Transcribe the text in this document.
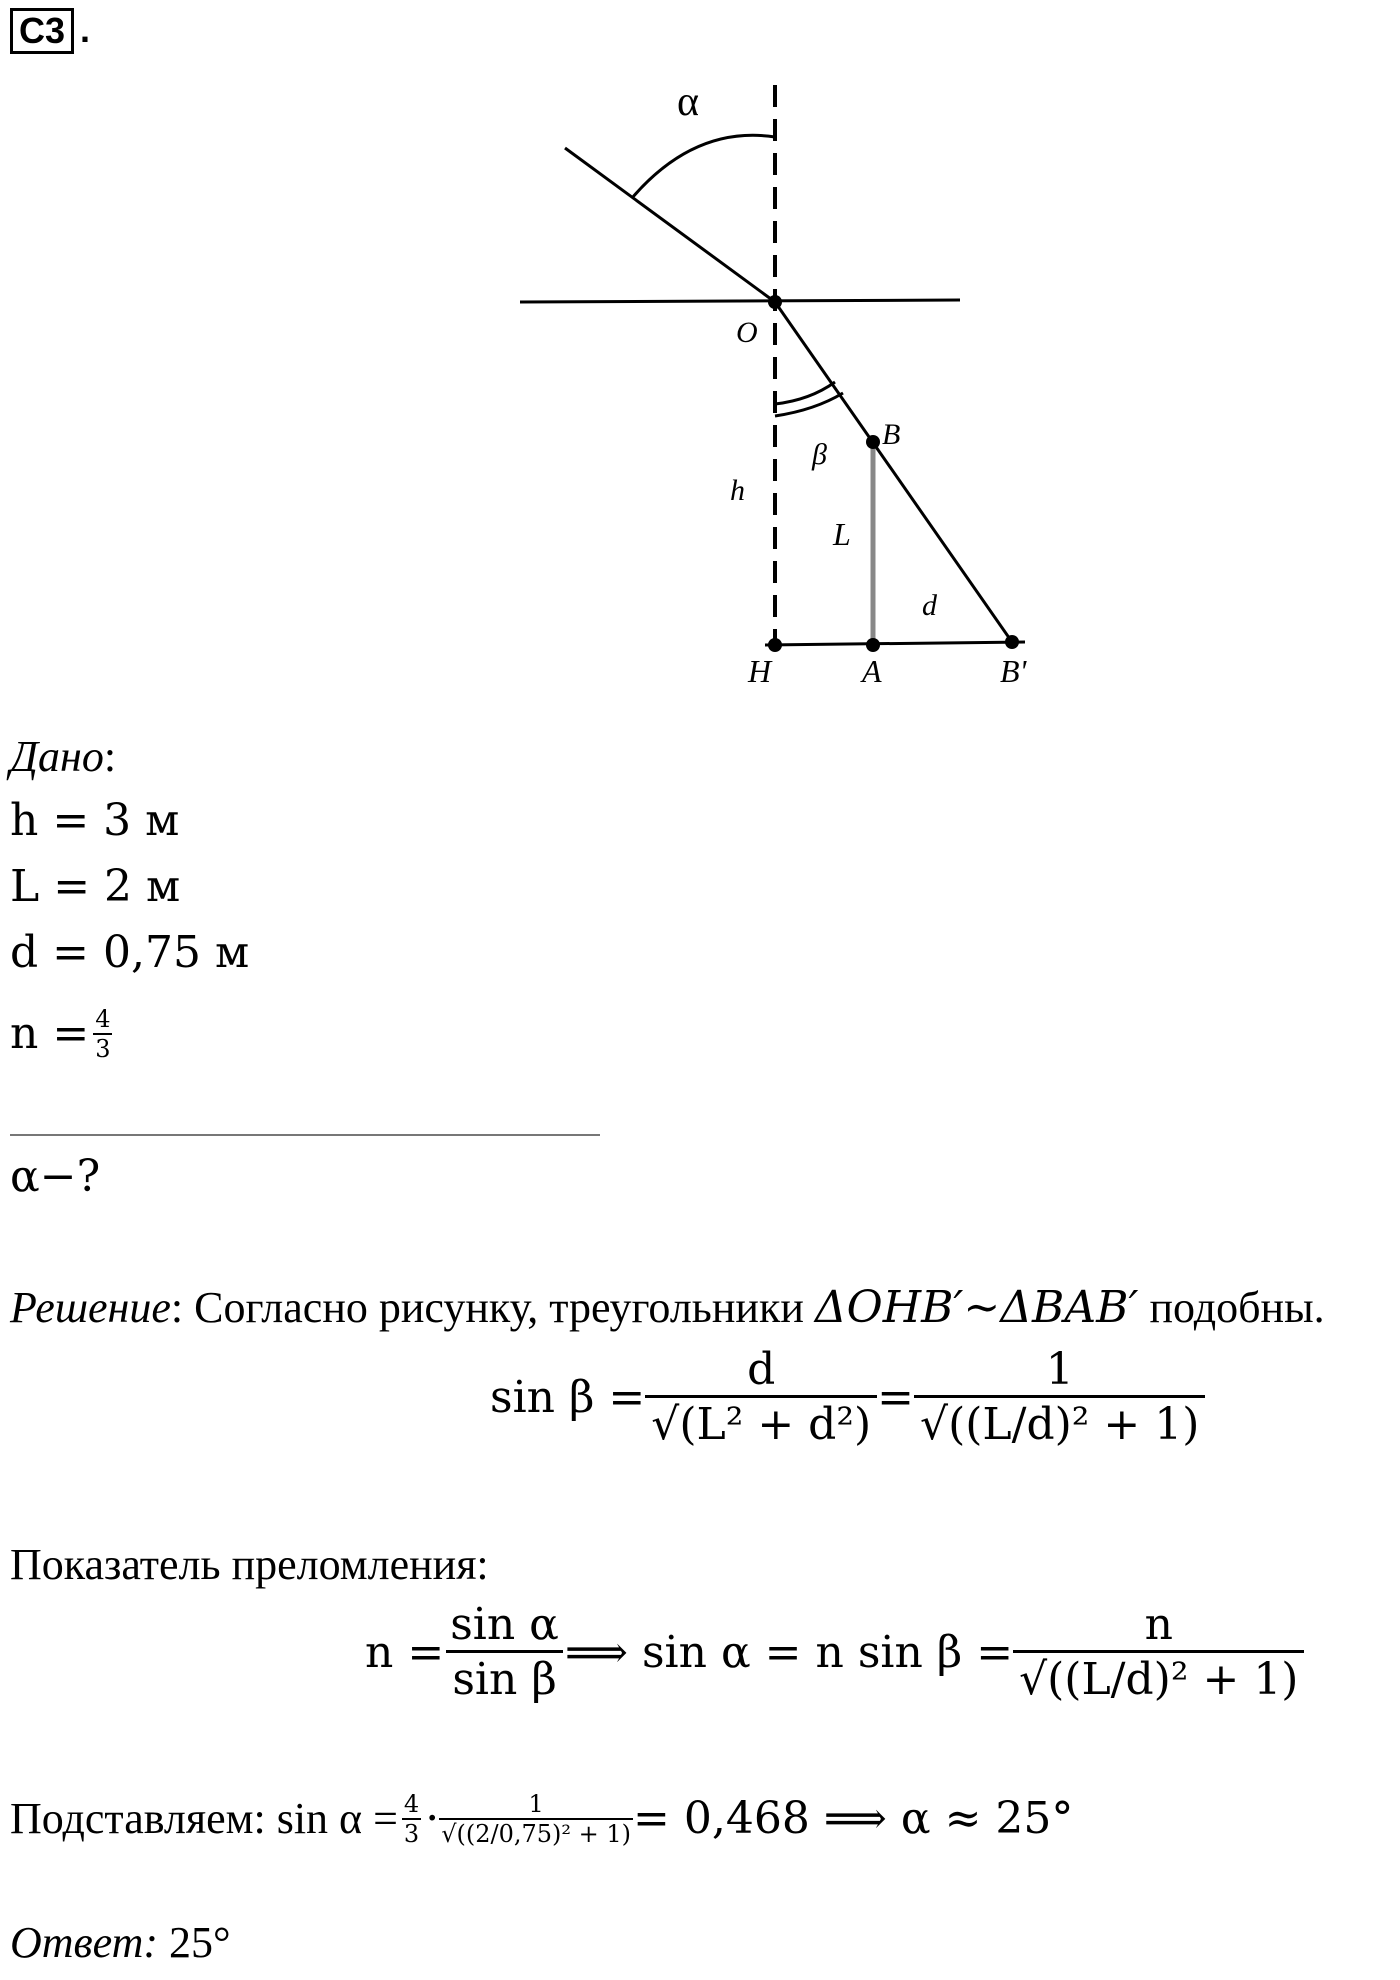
C3 .
α
O
B
β
h
L
d
H	A	B'
Дано:
h = 3 м
L = 2 м
d = 0,75 м
$n = \frac{4}{3}$
α−?
Решение: Согласно рисунку, треугольники ΔOHB′~ΔBAB′ подобны.
$\sin \beta = \frac{d}{\text{√(L² + d²)}} = \frac{1}{\text{√((L/d)² + 1)}}$
Показатель преломления:
$n = \frac{\text{sin α}}{\text{sin β}}$ ⟹ sin α = n $\sin \beta = \frac{n}{\text{√((L/d)² + 1)}}$
Подставляем: $\sin \alpha = \frac{4}{3} \cdot \frac{1}{\text{√((2/0,75)² + 1)}} = 0,468$ ⟹ α ≈ 25°
Ответ: 25°
